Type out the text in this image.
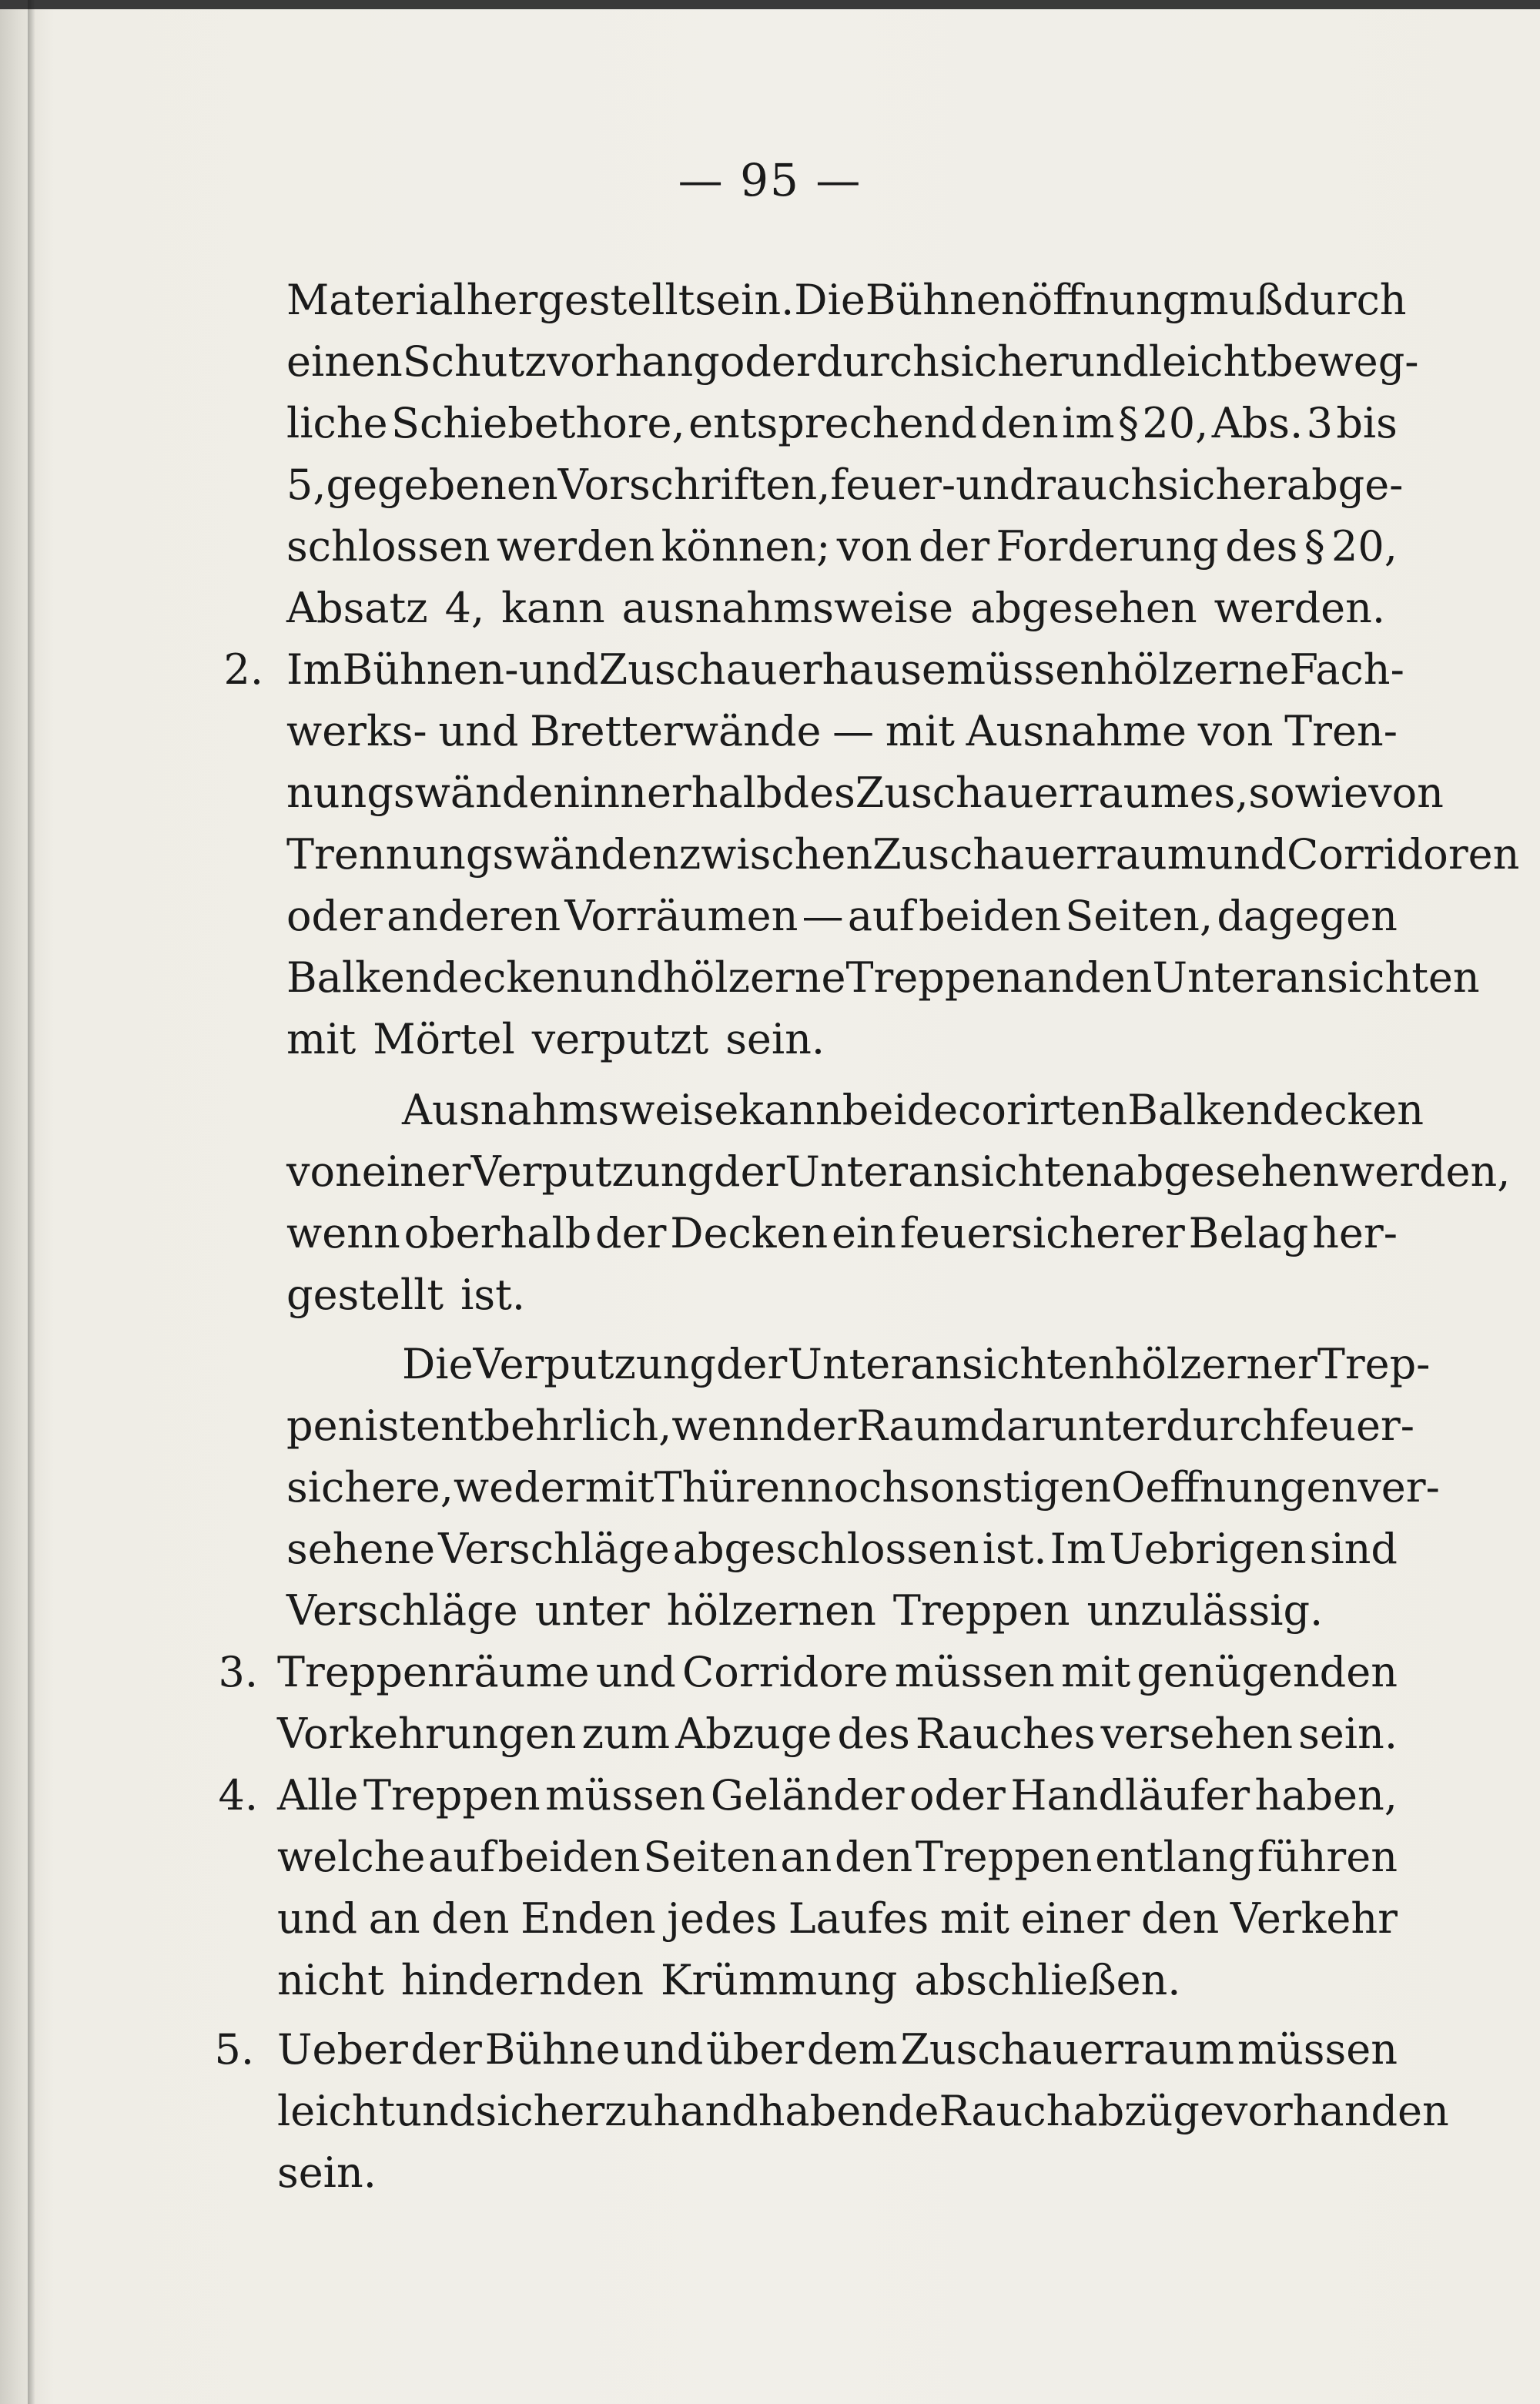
— 95 —
Material hergestellt sein. Die Bühnenöffnung muß durch
einen Schutzvorhang oder durch sicher und leicht beweg-
liche Schiebethore, entsprechend den im § 20, Abs. 3 bis
5, gegebenen Vorschriften, feuer- und rauchsicher abge-
schlossen werden können; von der Forderung des § 20,
Absatz 4, kann ausnahmsweise abgesehen werden.
2. Im Bühnen- und Zuschauerhause müssen hölzerne Fach-
werks- und Bretterwände — mit Ausnahme von Tren-
nungswänden innerhalb des Zuschauerraumes, sowie von
Trennungswänden zwischen Zuschauerraum und Corridoren
oder anderen Vorräumen — auf beiden Seiten, dagegen
Balkendecken und hölzerne Treppen an den Unteransichten
mit Mörtel verputzt sein.
Ausnahmsweise kann bei decorirten Balkendecken
von einer Verputzung der Unteransichten abgesehen werden,
wenn oberhalb der Decken ein feuersicherer Belag her-
gestellt ist.
Die Verputzung der Unteransichten hölzerner Trep-
pen ist entbehrlich, wenn der Raum darunter durch feuer-
sichere, weder mit Thüren noch sonstigen Oeffnungen ver-
sehene Verschläge abgeschlossen ist. Im Uebrigen sind
Verschläge unter hölzernen Treppen unzulässig.
3. Treppenräume und Corridore müssen mit genügenden
Vorkehrungen zum Abzuge des Rauches versehen sein.
4. Alle Treppen müssen Geländer oder Handläufer haben,
welche auf beiden Seiten an den Treppen entlang führen
und an den Enden jedes Laufes mit einer den Verkehr
nicht hindernden Krümmung abschließen.
5. Ueber der Bühne und über dem Zuschauerraum müssen
leicht und sicher zu handhabende Rauchabzüge vorhanden
sein.
